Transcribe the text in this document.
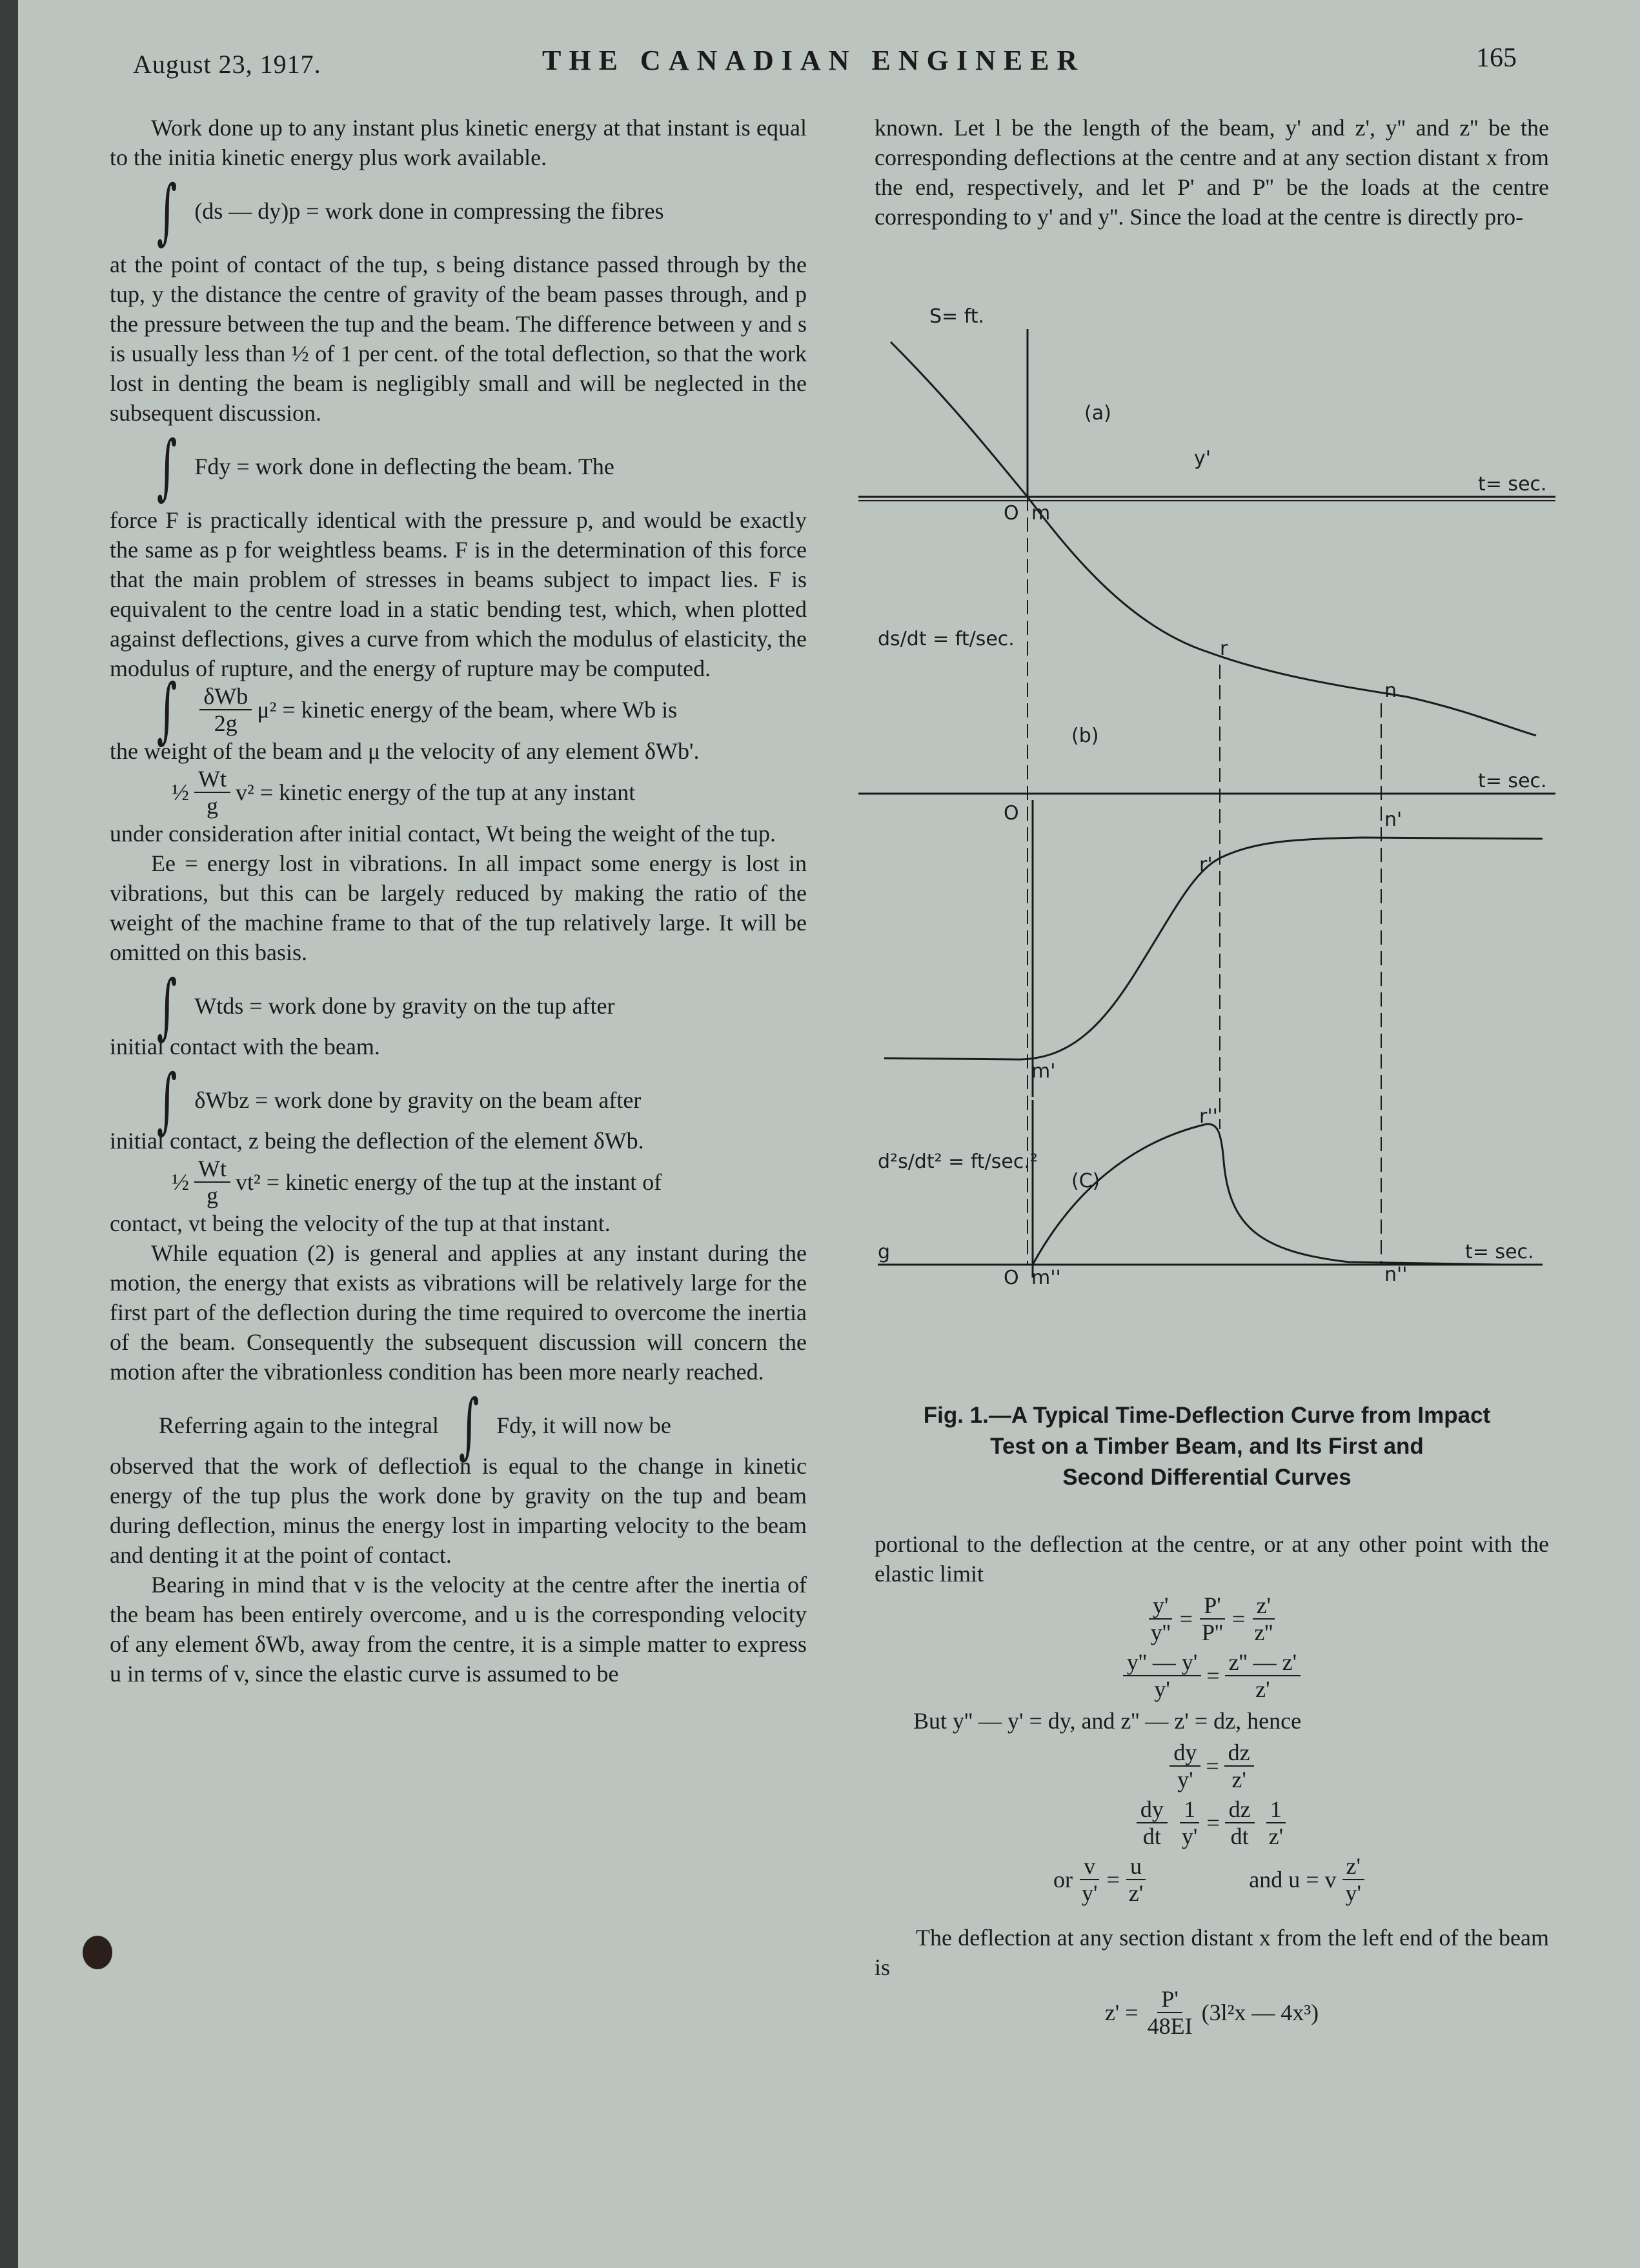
August 23, 1917.	THE CANADIAN ENGINEER	165

Work done up to any instant plus kinetic energy at that instant is equal to the initia kinetic energy plus work available.

∫ (ds — dy)p = work done in compressing the fibres

at the point of contact of the tup, s being distance passed through by the tup, y the distance the centre of gravity of the beam passes through, and p the pressure between the tup and the beam. The difference between y and s is usually less than ½ of 1 per cent. of the total deflection, so that the work lost in denting the beam is negligibly small and will be neglected in the subsequent discussion.

∫ Fdy = work done in deflecting the beam. The

force F is practically identical with the pressure p, and would be exactly the same as p for weightless beams. F is in the determination of this force that the main problem of stresses in beams subject to impact lies. F is equivalent to the centre load in a static bending test, which, when plotted against deflections, gives a curve from which the modulus of elasticity, the modulus of rupture, and the energy of rupture may be computed.

∫ $\frac{\text{δWb}}{2g} \mu^2$ = kinetic energy of the beam, where Wb is

the weight of the beam and μ the velocity of any element δWb'.

½ $\frac{Wt}{g} v^2$ = kinetic energy of the tup at any instant

under consideration after initial contact, Wt being the weight of the tup.

Ee = energy lost in vibrations. In all impact some energy is lost in vibrations, but this can be largely reduced by making the ratio of the weight of the machine frame to that of the tup relatively large. It will be omitted on this basis.

∫ Wtds = work done by gravity on the tup after

initial contact with the beam.

∫ δWbz = work done by gravity on the beam after

initial contact, z being the deflection of the element δWb.

½ $\frac{Wt}{g} vt^2$ = kinetic energy of the tup at the instant of

contact, vt being the velocity of the tup at that instant.

While equation (2) is general and applies at any instant during the motion, the energy that exists as vibrations will be relatively large for the first part of the deflection during the time required to overcome the inertia of the beam. Consequently the subsequent discussion will concern the motion after the vibrationless condition has been more nearly reached.

Referring again to the integral ∫ Fdy, it will now be

observed that the work of deflection is equal to the change in kinetic energy of the tup plus the work done by gravity on the tup and beam during deflection, minus the energy lost in imparting velocity to the beam and denting it at the point of contact.

Bearing in mind that v is the velocity at the centre after the inertia of the beam has been entirely overcome, and u is the corresponding velocity of any element δWb, away from the centre, it is a simple matter to express u in terms of v, since the elastic curve is assumed to be

known. Let l be the length of the beam, y' and z', y'' and z'' be the corresponding deflections at the centre and at any section distant x from the end, respectively, and let P' and P'' be the loads at the centre corresponding to y' and y''. Since the load at the centre is directly pro-

S= ft.
(a)
(b)
(C)
t= sec.
t= sec.
t= sec.
O
O
O
m
m'
m''
r
r'
r''
n
n'
n''
ds/dt = ft/sec.
d²s/dt² = ft/sec.²
y'
g
Fig. 1.—A Typical Time-Deflection Curve from Impact
Test on a Timber Beam, and Its First and
Second Differential Curves

portional to the deflection at the centre, or at any other point with the elastic limit

$\frac{y'}{y''} = \frac{P'}{P''} = \frac{z'}{z''}$
$\frac{y'' — y'}{y'} = \frac{z'' — z'}{z'}$

But y'' — y' = dy, and z'' — z' = dz, hence

$\frac{dy}{y'} = \frac{dz}{z'}$
$\frac{dy}{dt} \frac{1}{y'} = \frac{dz}{dt} \frac{1}{z'}$
or $\frac{v}{y'} = \frac{u}{z'}$	and u = v $\frac{z'}{y'}$

The deflection at any section distant x from the left end of the beam is

$z' = \frac{P'}{48EI} (3l^2x$ — 4x³)
